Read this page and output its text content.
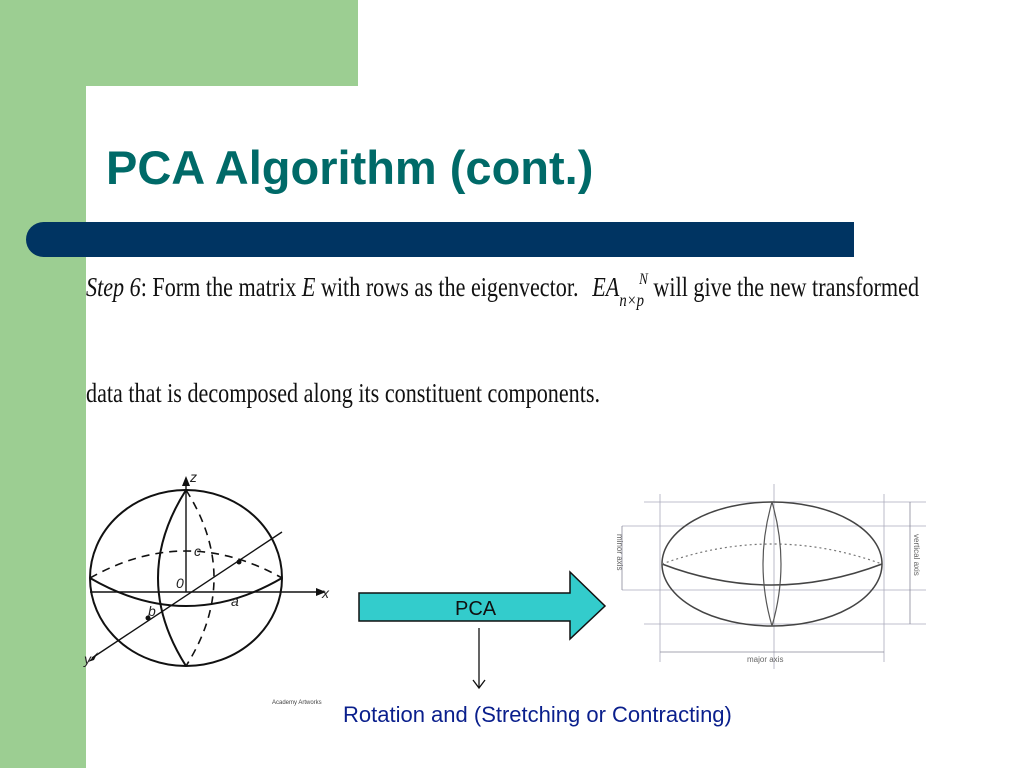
PCA Algorithm (cont.)
Step 6: Form the matrix E with rows as the eigenvector. $EA_{n\times p}^N$ will give the new transformed
data that is decomposed along its constituent components.
z
x
y
a
b
c
0
Academy Artworks
PCA
Rotation and (Stretching or Contracting)
minor axis	vertical axis
major axis
